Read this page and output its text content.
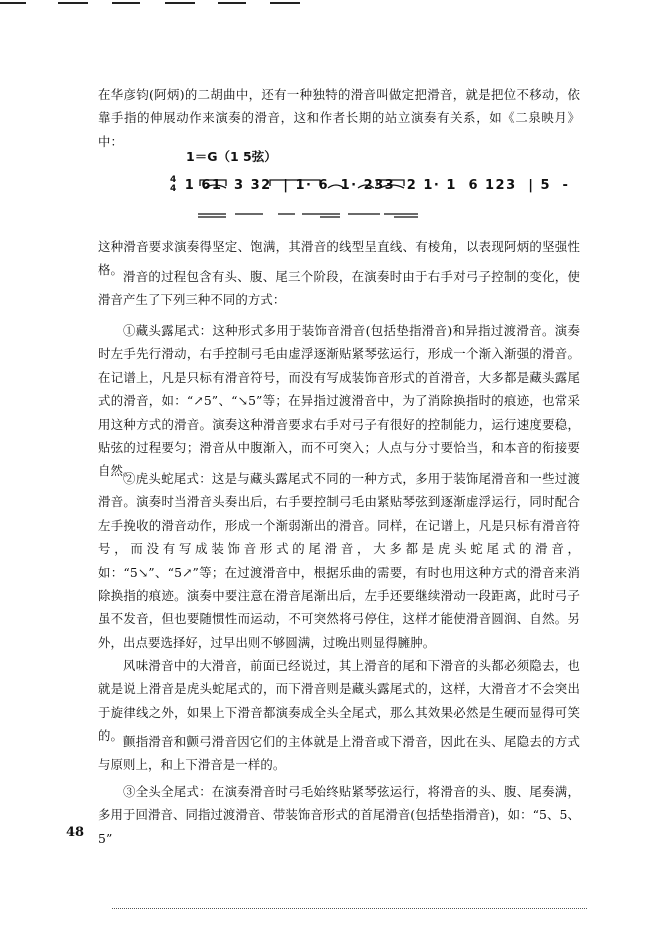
在华彦钧(阿炳)的二胡曲中，还有一种独特的滑音叫做定把滑音，就是把位不移动，依靠手指的伸展动作来演奏的滑音，这和作者长期的站立演奏有关系，如《二泉映月》中：

1＝G（1 5弦）

4
4 1 61 3 32 | 1· 6 1· 233 2 1· 1 6 123 | 5 -

这种滑音要求演奏得坚定、饱满，其滑音的线型呈直线、有棱角，以表现阿炳的坚强性格。 滑音的过程包含有头、腹、尾三个阶段，在演奏时由于右手对弓子控制的变化，使滑音产生了下列三种不同的方式：

①藏头露尾式：这种形式多用于装饰音滑音(包括垫指滑音)和异指过渡滑音。演奏时左手先行滑动，右手控制弓毛由虚浮逐渐贴紧琴弦运行，形成一个渐入渐强的滑音。在记谱上，凡是只标有滑音符号，而没有写成装饰音形式的首滑音，大多都是藏头露尾式的滑音，如：“↗5”、“↘5”等；在异指过渡滑音中，为了消除换指时的痕迹，也常采用这种方式的滑音。演奏这种滑音要求右手对弓子有很好的控制能力，运行速度要稳，贴弦的过程要匀；滑音从中腹渐入，而不可突入；人点与分寸要恰当，和本音的衔接要自然。

②虎头蛇尾式：这是与藏头露尾式不同的一种方式，多用于装饰尾滑音和一些过渡滑音。演奏时当滑音头奏出后，右手要控制弓毛由紧贴琴弦到逐渐虚浮运行，同时配合左手挽收的滑音动作，形成一个渐弱渐出的滑音。同样，在记谱上，凡是只标有滑音符号，而没有写成装饰音形式的尾滑音，大多都是虎头蛇尾式的滑音，如：“5↘”、“5↗”等；在过渡滑音中，根据乐曲的需要，有时也用这种方式的滑音来消除换指的痕迹。演奏中要注意在滑音尾渐出后，左手还要继续滑动一段距离，此时弓子虽不发音，但也要随惯性而运动，不可突然将弓停住，这样才能使滑音圆润、自然。另外，出点要选择好，过早出则不够圆满，过晚出则显得臃肿。

风味滑音中的大滑音，前面已经说过，其上滑音的尾和下滑音的头都必须隐去，也就是说上滑音是虎头蛇尾式的，而下滑音则是藏头露尾式的，这样，大滑音才不会突出于旋律线之外，如果上下滑音都演奏成全头全尾式，那么其效果必然是生硬而显得可笑的。 颤指滑音和颤弓滑音因它们的主体就是上滑音或下滑音，因此在头、尾隐去的方式与原则上，和上下滑音是一样的。

③全头全尾式：在演奏滑音时弓毛始终贴紧琴弦运行，将滑音的头、腹、尾奏满，多用于回滑音、同指过渡滑音、带装饰音形式的首尾滑音(包括垫指滑音)，如：“5、5、5”

48
